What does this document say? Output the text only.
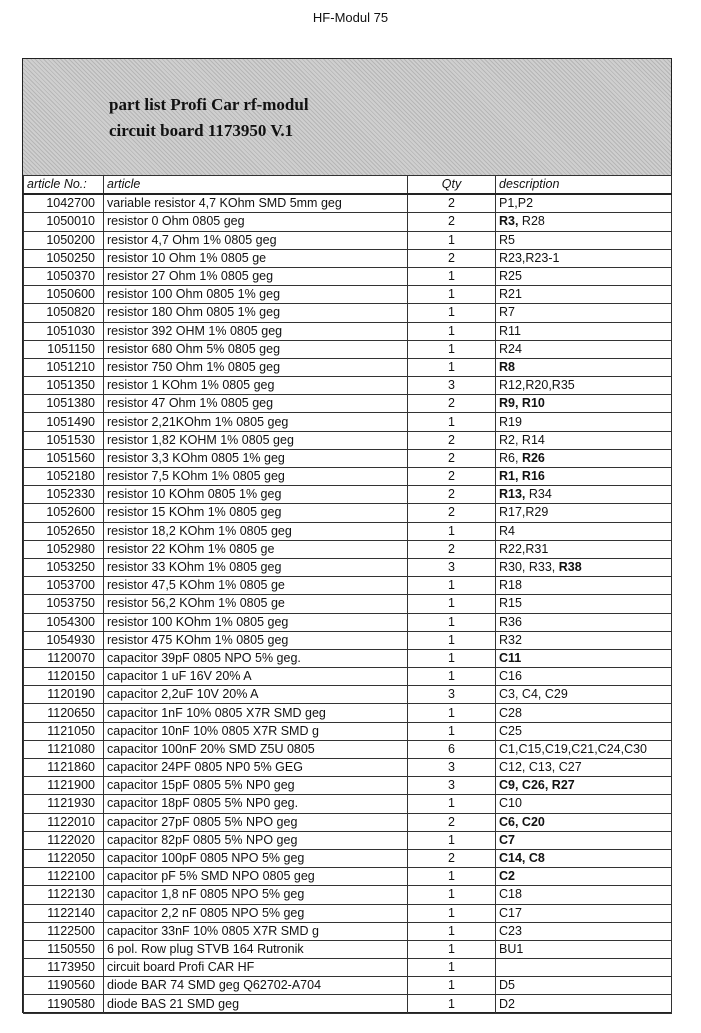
HF-Modul 75
part list Profi Car rf-modul
circuit board 1173950 V.1
article No.:	article	Qty	description
1042700	variable resistor 4,7 KOhm SMD 5mm geg	2	P1,P2
1050010	resistor 0 Ohm 0805 geg	2	R3, R28
1050200	resistor 4,7 Ohm 1% 0805 geg	1	R5
1050250	resistor 10 Ohm 1% 0805 ge	2	R23,R23-1
1050370	resistor 27 Ohm 1% 0805 geg	1	R25
1050600	resistor 100 Ohm 0805 1% geg	1	R21
1050820	resistor 180 Ohm 0805 1% geg	1	R7
1051030	resistor 392 OHM 1% 0805 geg	1	R11
1051150	resistor 680 Ohm 5% 0805 geg	1	R24
1051210	resistor 750 Ohm 1% 0805 geg	1	R8
1051350	resistor 1 KOhm 1% 0805 geg	3	R12,R20,R35
1051380	resistor 47 Ohm 1% 0805 geg	2	R9, R10
1051490	resistor 2,21KOhm 1% 0805 geg	1	R19
1051530	resistor 1,82 KOHM 1% 0805 geg	2	R2, R14
1051560	resistor 3,3 KOhm 0805 1% geg	2	R6, R26
1052180	resistor 7,5 KOhm 1% 0805 geg	2	R1, R16
1052330	resistor 10 KOhm 0805 1% geg	2	R13, R34
1052600	resistor 15 KOhm 1% 0805 geg	2	R17,R29
1052650	resistor 18,2 KOhm 1% 0805 geg	1	R4
1052980	resistor 22 KOhm 1% 0805 ge	2	R22,R31
1053250	resistor 33 KOhm 1% 0805 geg	3	R30, R33, R38
1053700	resistor 47,5 KOhm 1% 0805 ge	1	R18
1053750	resistor 56,2 KOhm 1% 0805 ge	1	R15
1054300	resistor 100 KOhm 1% 0805 geg	1	R36
1054930	resistor 475 KOhm 1% 0805 geg	1	R32
1120070	capacitor 39pF 0805 NPO 5% geg.	1	C11
1120150	capacitor 1 uF 16V 20% A	1	C16
1120190	capacitor 2,2uF 10V 20% A	3	C3, C4, C29
1120650	capacitor 1nF 10% 0805 X7R SMD geg	1	C28
1121050	capacitor 10nF 10% 0805 X7R SMD g	1	C25
1121080	capacitor 100nF 20% SMD Z5U 0805	6	C1,C15,C19,C21,C24,C30
1121860	capacitor 24PF 0805 NP0 5% GEG	3	C12, C13, C27
1121900	capacitor 15pF 0805 5% NP0 geg	3	C9, C26, R27
1121930	capacitor 18pF 0805 5% NP0 geg.	1	C10
1122010	capacitor 27pF 0805 5% NPO geg	2	C6, C20
1122020	capacitor 82pF 0805 5% NPO geg	1	C7
1122050	capacitor 100pF 0805 NPO 5% geg	2	C14, C8
1122100	capacitor pF 5% SMD NPO 0805 geg	1	C2
1122130	capacitor 1,8 nF 0805 NPO 5% geg	1	C18
1122140	capacitor 2,2 nF 0805 NPO 5% geg	1	C17
1122500	capacitor 33nF 10% 0805 X7R SMD g	1	C23
1150550	6 pol. Row plug STVB 164 Rutronik	1	BU1
1173950	circuit board Profi CAR HF	1	
1190560	diode BAR 74 SMD geg Q62702-A704	1	D5
1190580	diode BAS 21 SMD geg	1	D2
